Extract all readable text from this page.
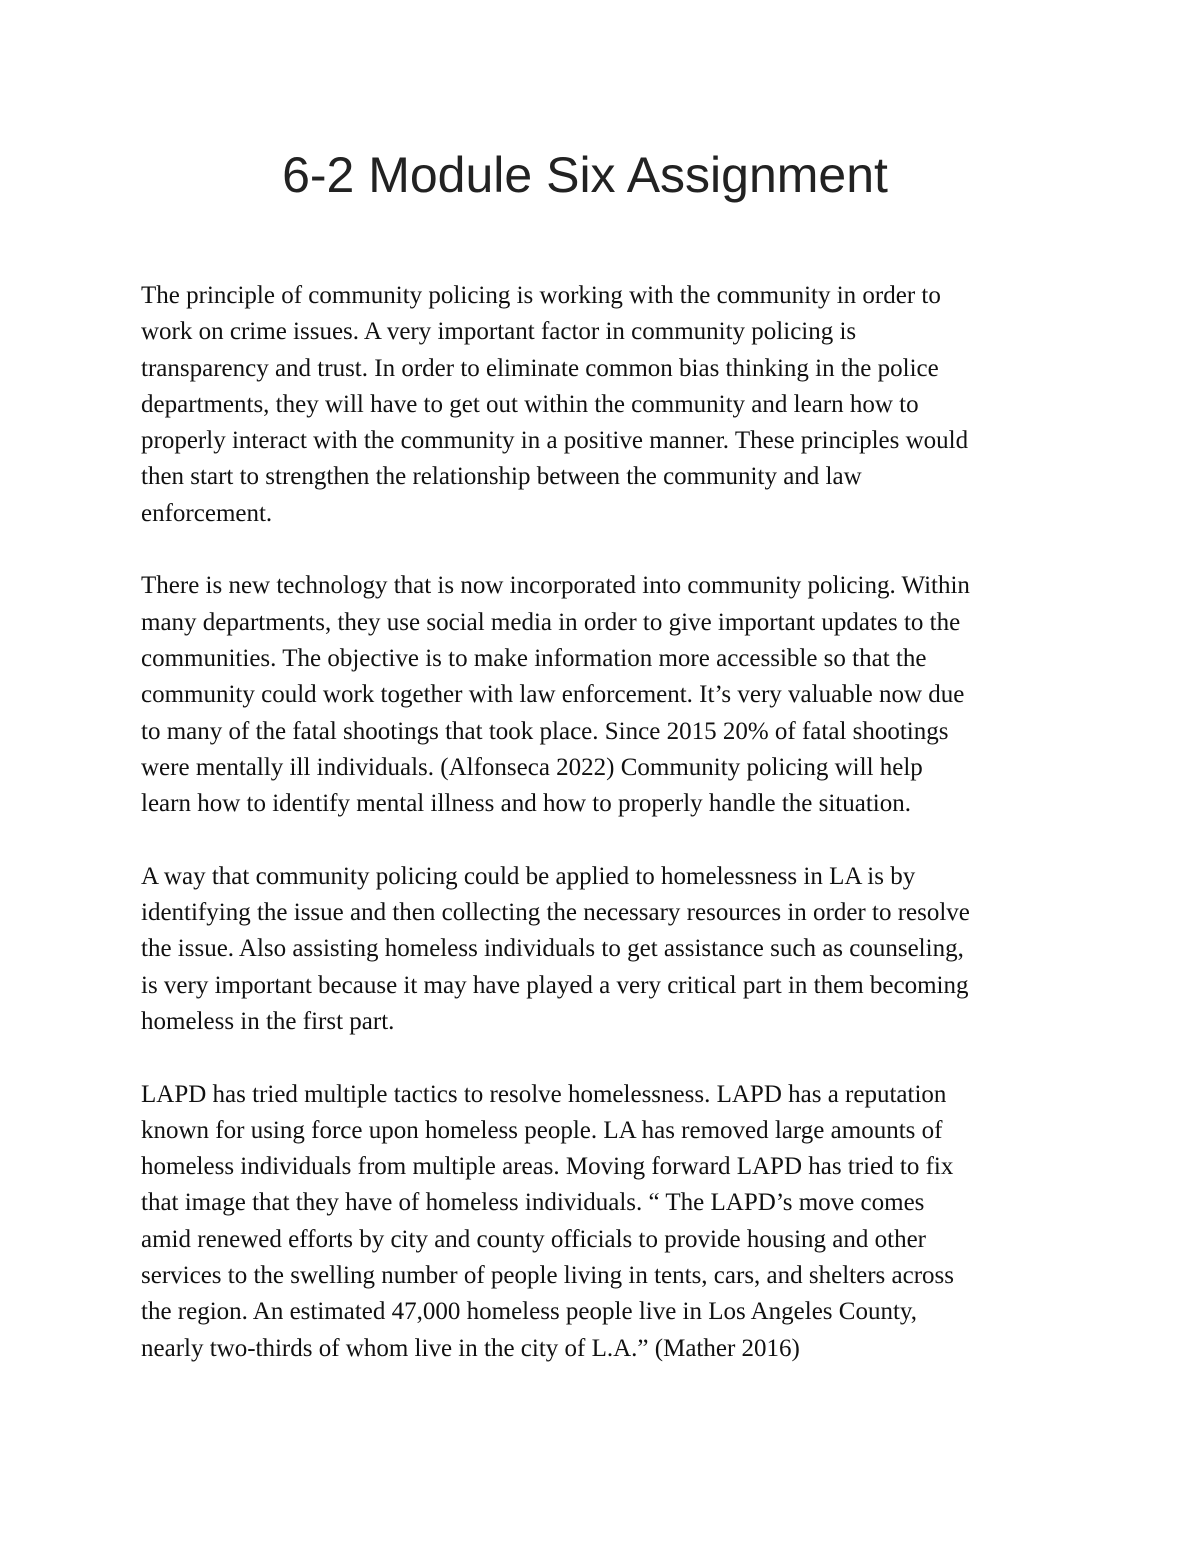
6-2 Module Six Assignment

The principle of community policing is working with the community in order to
work on crime issues. A very important factor in community policing is
transparency and trust. In order to eliminate common bias thinking in the police
departments, they will have to get out within the community and learn how to
properly interact with the community in a positive manner. These principles would
then start to strengthen the relationship between the community and law
enforcement.

There is new technology that is now incorporated into community policing. Within
many departments, they use social media in order to give important updates to the
communities. The objective is to make information more accessible so that the
community could work together with law enforcement. It’s very valuable now due
to many of the fatal shootings that took place. Since 2015 20% of fatal shootings
were mentally ill individuals. (Alfonseca 2022) Community policing will help
learn how to identify mental illness and how to properly handle the situation.

A way that community policing could be applied to homelessness in LA is by
identifying the issue and then collecting the necessary resources in order to resolve
the issue. Also assisting homeless individuals to get assistance such as counseling,
is very important because it may have played a very critical part in them becoming
homeless in the first part.

LAPD has tried multiple tactics to resolve homelessness. LAPD has a reputation
known for using force upon homeless people. LA has removed large amounts of
homeless individuals from multiple areas. Moving forward LAPD has tried to fix
that image that they have of homeless individuals. “ The LAPD’s move comes
amid renewed efforts by city and county officials to provide housing and other
services to the swelling number of people living in tents, cars, and shelters across
the region. An estimated 47,000 homeless people live in Los Angeles County,
nearly two-thirds of whom live in the city of L.A.” (Mather 2016)
